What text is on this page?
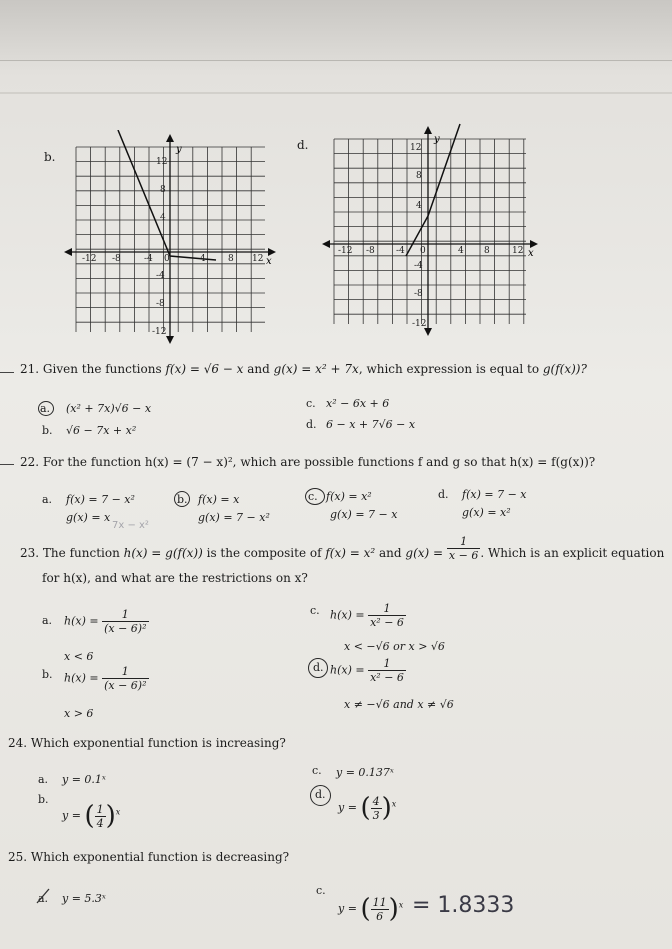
b.
y
x
-12 -8	-4 0	4 8 12
12
8
4
-4
-8
-12
d.	y
x
-12 -8 -4 0	4 8 12
12
8
4
-4
-8
-12
21. Given the functions f(x) = √6 − x and g(x) = x² + 7x, which expression is equal to g(f(x))?
a. (x² + 7x)√6 − x
b. √6 − 7x + x²
c. x² − 6x + 6
d. 6 − x + 7√6 − x
22. For the function h(x) = (7 − x)², which are possible functions f and g so that h(x) = f(g(x))?
a. f(x) = 7 − x²
g(x) = x
7x − x²
b. f(x) = x
g(x) = 7 − x²
c. f(x) = x²
g(x) = 7 − x
d. f(x) = 7 − x
g(x) = x²
23. The function h(x) = g(f(x)) is the composite of f(x) = x² and $g(x) = \frac{1}{x - 6}$ . Which is an explicit equation
for h(x), and what are the restrictions on x?
a. $h(x) = \frac{1}{\text{(x − 6)²}}$
x < 6
b. $h(x) = \frac{1}{\text{(x − 6)²}}$
x > 6
c. $h(x) = \frac{1}{\text{x² − 6}}$
x < −√6 or x > √6
d. $h(x) = \frac{1}{\text{x² − 6}}$
x ≠ −√6 and x ≠ √6
24. Which exponential function is increasing?
a. y = 0.1ˣ
b.
y = ( $\frac{1}{4} )^x$
c. y = 0.137ˣ
d.
y = ( $\frac{4}{3} )^x$
25. Which exponential function is decreasing?
a. y = 5.3ˣ
c.
y = ( $\frac{11}{6} )^x = 1.8333$
